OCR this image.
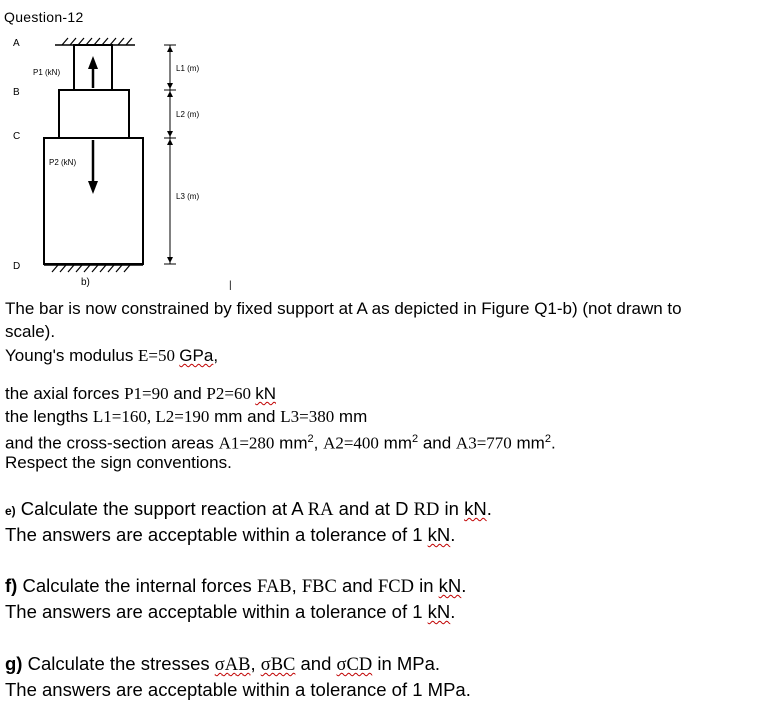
Question-12
A
B
C
D
P1 (kN)
P2 (kN)
L1 (m)
L2 (m)
L3 (m)
b)	|
The bar is now constrained by fixed support at A as depicted in Figure Q1-b) (not drawn to
scale).
Young's modulus E=50 GPa,
the axial forces P1=90 and P2=60 kN
the lengths L1=160, L2=190 mm and L3=380 mm
and the cross-section areas A1=280 $mm^2$, A2=400 $mm^2$ and A3=770 $mm^2$.
Respect the sign conventions.
e) Calculate the support reaction at A RA and at D RD in kN.
The answers are acceptable within a tolerance of 1 kN.
f) Calculate the internal forces FAB, FBC and FCD in kN.
The answers are acceptable within a tolerance of 1 kN.
g) Calculate the stresses σAB, σBC and σCD in MPa.
The answers are acceptable within a tolerance of 1 MPa.
